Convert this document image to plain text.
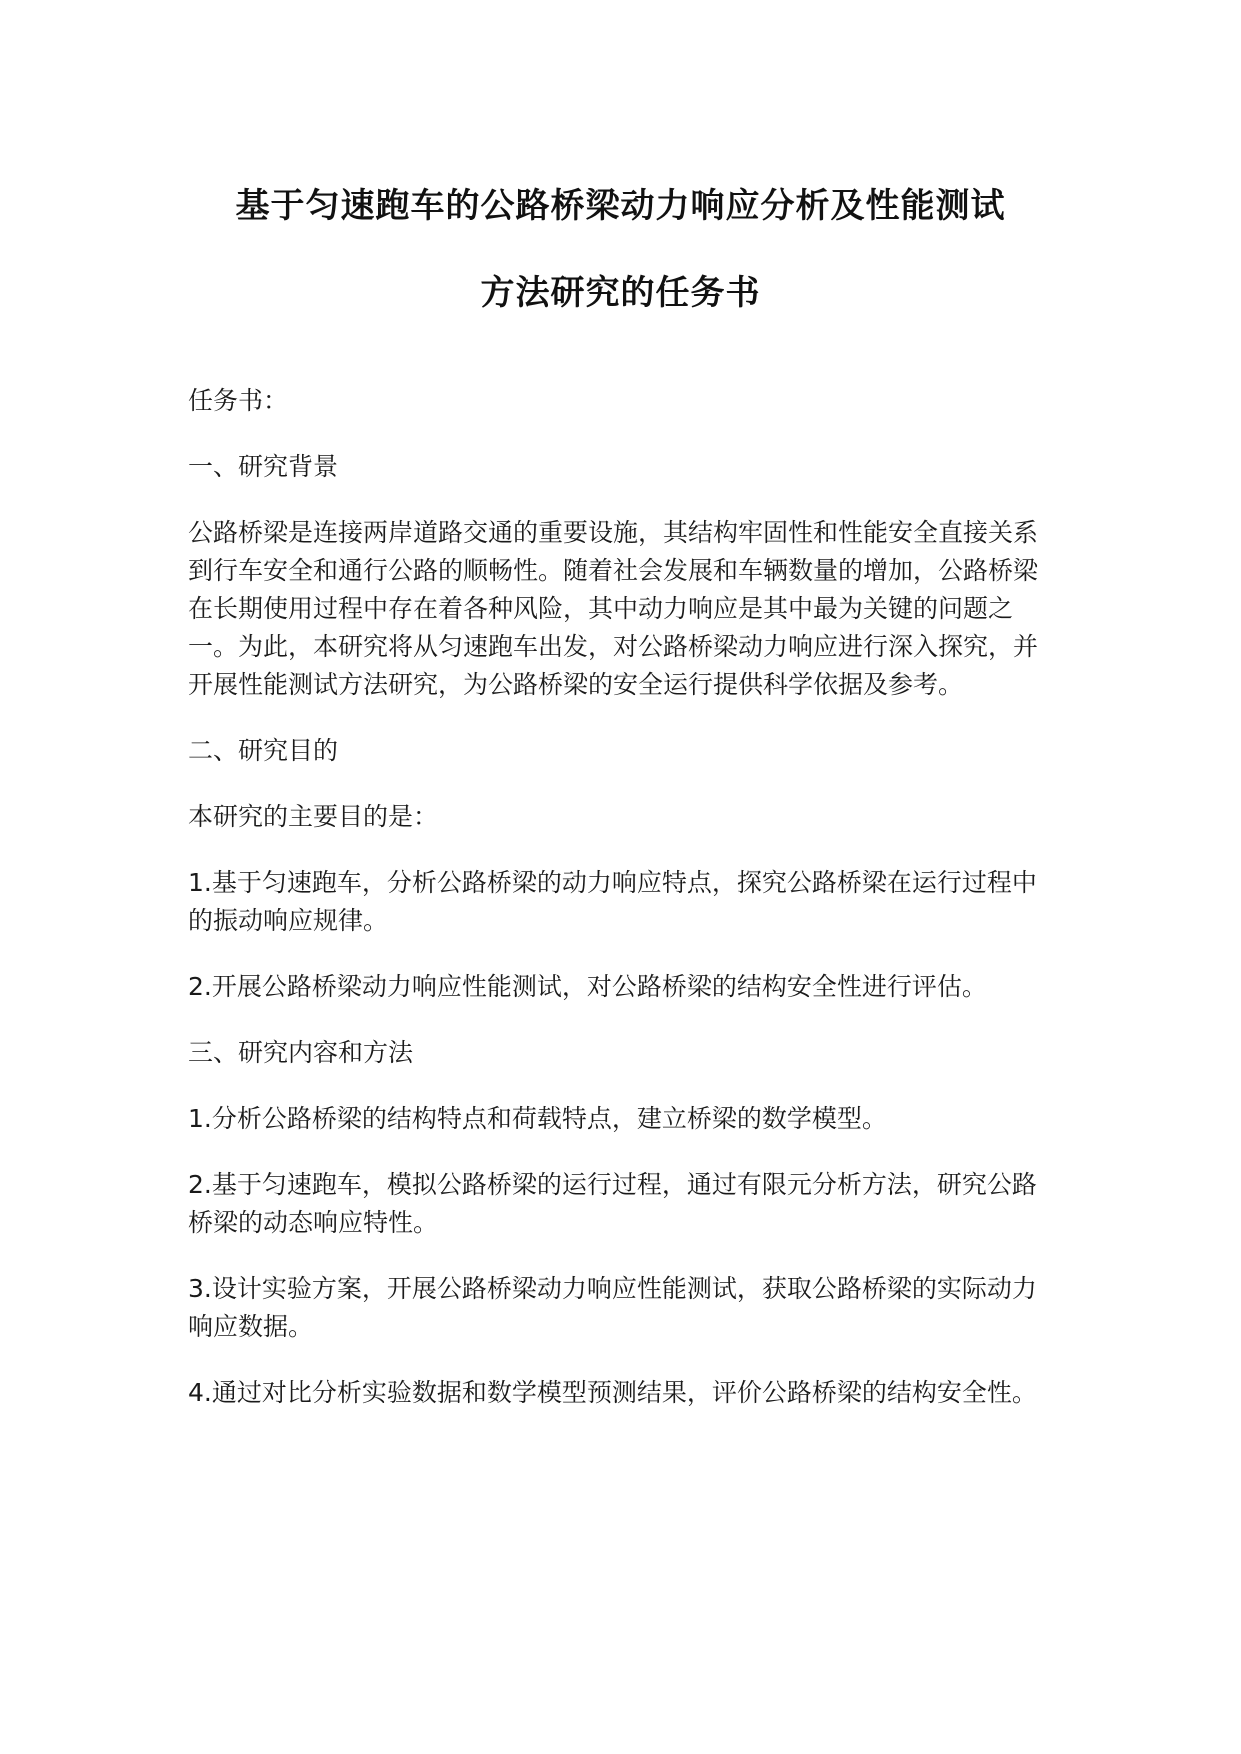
基于匀速跑车的公路桥梁动力响应分析及性能测试
方法研究的任务书

任务书：

一、研究背景

公路桥梁是连接两岸道路交通的重要设施，其结构牢固性和性能安全直接关系到行车安全和通行公路的顺畅性。随着社会发展和车辆数量的增加，公路桥梁在长期使用过程中存在着各种风险，其中动力响应是其中最为关键的问题之一。为此，本研究将从匀速跑车出发，对公路桥梁动力响应进行深入探究，并开展性能测试方法研究，为公路桥梁的安全运行提供科学依据及参考。

二、研究目的

本研究的主要目的是：

1.基于匀速跑车，分析公路桥梁的动力响应特点，探究公路桥梁在运行过程中的振动响应规律。

2.开展公路桥梁动力响应性能测试，对公路桥梁的结构安全性进行评估。

三、研究内容和方法

1.分析公路桥梁的结构特点和荷载特点，建立桥梁的数学模型。

2.基于匀速跑车，模拟公路桥梁的运行过程，通过有限元分析方法，研究公路桥梁的动态响应特性。

3.设计实验方案，开展公路桥梁动力响应性能测试，获取公路桥梁的实际动力响应数据。

4.通过对比分析实验数据和数学模型预测结果，评价公路桥梁的结构安全性。
